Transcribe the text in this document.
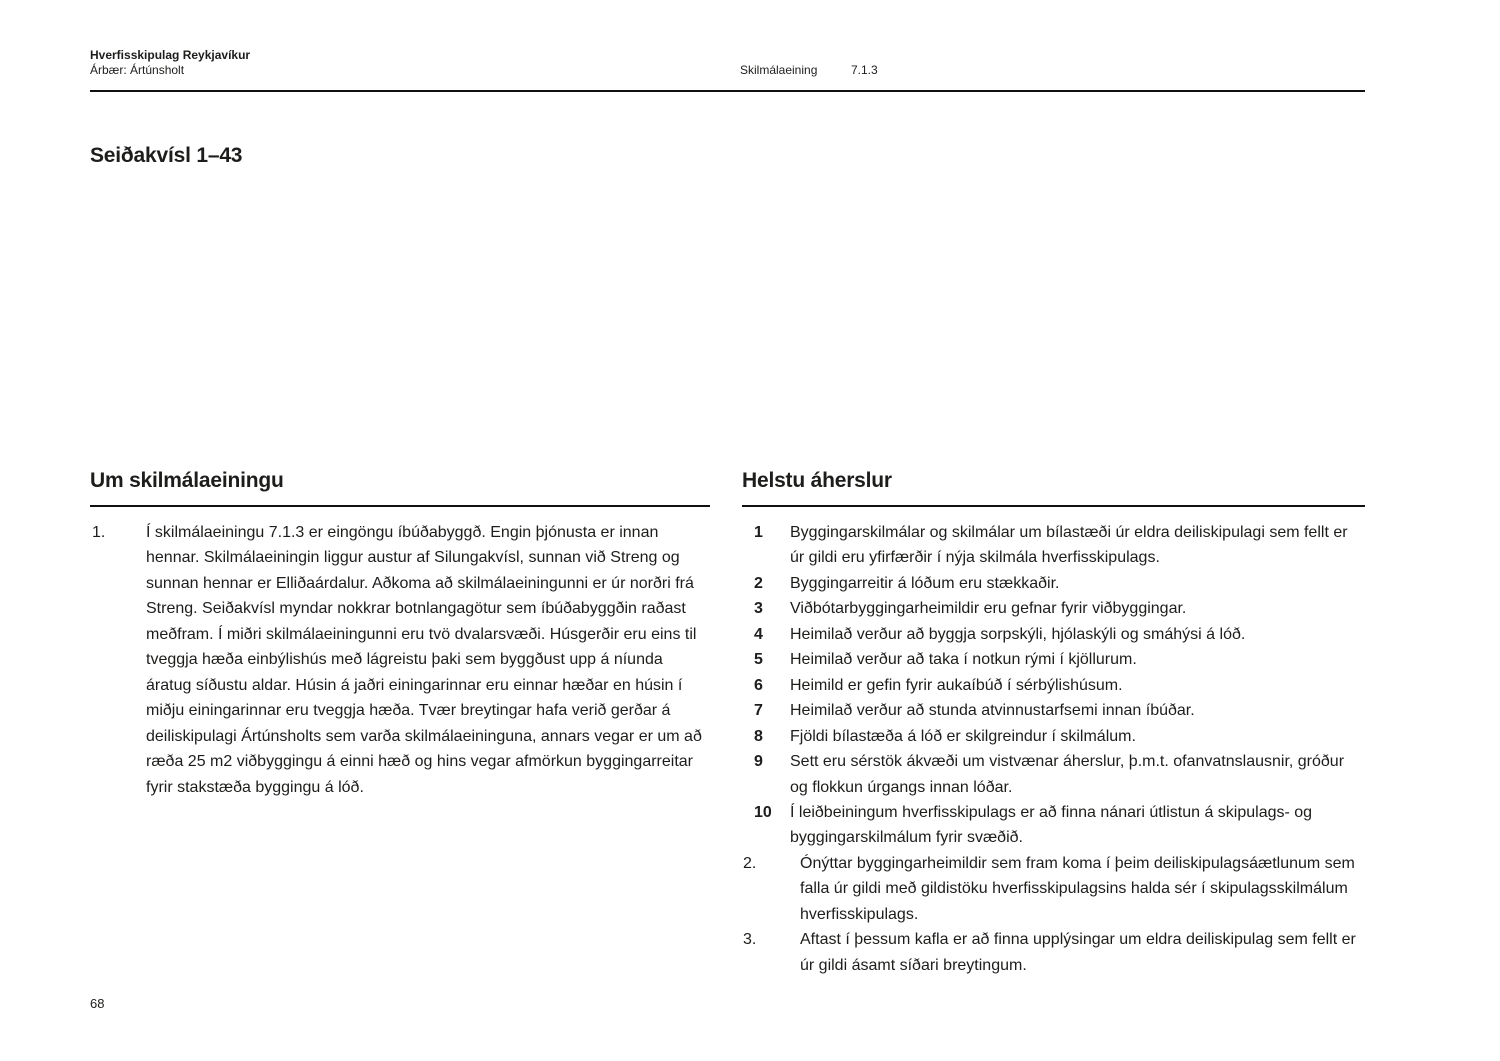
Hverfisskipulag Reykjavíkur
Árbær: Ártúnsholt	Skilmálaeining	7.1.3
Seiðakvísl 1–43
Um skilmálaeiningu
1.	Í skilmálaeiningu 7.1.3 er eingöngu íbúðabyggð. Engin þjónusta er innan hennar. Skilmálaeiningin liggur austur af Silungakvísl, sunnan við Streng og sunnan hennar er Elliðaárdalur. Aðkoma að skilmálaeiningunni er úr norðri frá Streng. Seiðakvísl myndar nokkrar botnlangagötur sem íbúðabyggðin raðast meðfram. Í miðri skilmálaeiningunni eru tvö dvalarsvæði. Húsgerðir eru eins til tveggja hæða einbýlishús með lágreistu þaki sem byggðust upp á níunda áratug síðustu aldar. Húsin á jaðri einingarinnar eru einnar hæðar en húsin í miðju einingarinnar eru tveggja hæða. Tvær breytingar hafa verið gerðar á deiliskipulagi Ártúnsholts sem varða skilmálaeininguna, annars vegar er um að ræða 25 m2 viðbyggingu á einni hæð og hins vegar afmörkun byggingarreitar fyrir stakstæða byggingu á lóð.
Helstu áherslur
1	Byggingarskilmálar og skilmálar um bílastæði úr eldra deiliskipulagi sem fellt er úr gildi eru yfirfærðir í nýja skilmála hverfisskipulags.
2	Byggingarreitir á lóðum eru stækkaðir.
3	Viðbótarbyggingarheimildir eru gefnar fyrir viðbyggingar.
4	Heimilað verður að byggja sorpskýli, hjólaskýli og smáhýsi á lóð.
5	Heimilað verður að taka í notkun rými í kjöllurum.
6	Heimild er gefin fyrir aukaíbúð í sérbýlishúsum.
7	Heimilað verður að stunda atvinnustarfsemi innan íbúðar.
8	Fjöldi bílastæða á lóð er skilgreindur í skilmálum.
9	Sett eru sérstök ákvæði um vistvænar áherslur, þ.m.t. ofanvatnslausnir, gróður og flokkun úrgangs innan lóðar.
10	Í leiðbeiningum hverfisskipulags er að finna nánari útlistun á skipulags- og byggingarskilmálum fyrir svæðið.
2.	Ónýttar byggingarheimildir sem fram koma í þeim deiliskipulagsáætlunum sem falla úr gildi með gildistöku hverfisskipulagsins halda sér í skipulagsskilmálum hverfisskipulags.
3.	Aftast í þessum kafla er að finna upplýsingar um eldra deiliskipulag sem fellt er úr gildi ásamt síðari breytingum.
68
